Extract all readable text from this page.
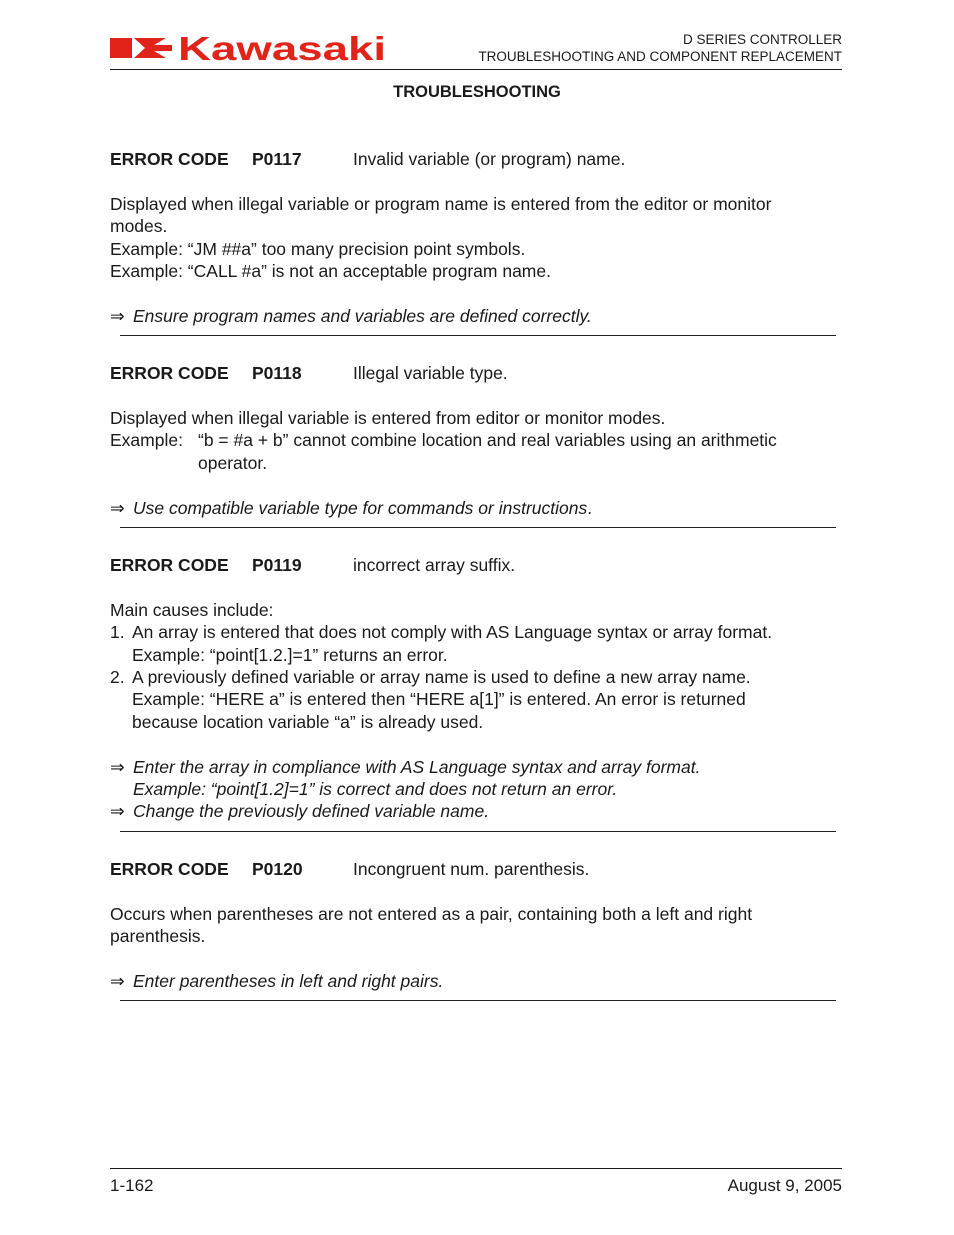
Kawasaki	D SERIES CONTROLLER
TROUBLESHOOTING AND COMPONENT REPLACEMENT
TROUBLESHOOTING
ERROR CODE P0117	Invalid variable (or program) name.
Displayed when illegal variable or program name is entered from the editor or monitor
modes.
Example: “JM ##a” too many precision point symbols.
Example: “CALL #a” is not an acceptable program name.
⇒ Ensure program names and variables are defined correctly.
ERROR CODE P0118	Illegal variable type.
Displayed when illegal variable is entered from editor or monitor modes.
Example: “b = #a + b” cannot combine location and real variables using an arithmetic operator.
⇒ Use compatible variable type for commands or instructions.
ERROR CODE P0119	incorrect array suffix.
Main causes include:
1. An array is entered that does not comply with AS Language syntax or array format.
Example: “point[1.2.]=1” returns an error.
2. A previously defined variable or array name is used to define a new array name.
Example: “HERE a” is entered then “HERE a[1]” is entered. An error is returned because location variable “a” is already used.
⇒ Enter the array in compliance with AS Language syntax and array format.
Example: “point[1.2]=1” is correct and does not return an error.
⇒ Change the previously defined variable name.
ERROR CODE P0120	Incongruent num. parenthesis.
Occurs when parentheses are not entered as a pair, containing both a left and right
parenthesis.
⇒ Enter parentheses in left and right pairs.
1-162	August 9, 2005
